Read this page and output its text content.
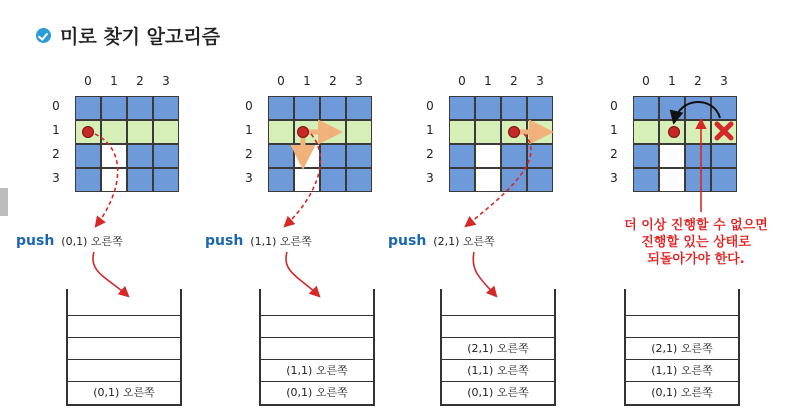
미로 찾기 알고리즘
0	1	2	3
0
1
2
3
push (0,1) 오른쪽
(0,1) 오른쪽
0	1	2	3
0
1
2
3
push (1,1) 오른쪽
(1,1) 오른쪽
(0,1) 오른쪽
0	1	2	3
0
1
2
3
push (2,1) 오른쪽
(2,1) 오른쪽
(1,1) 오른쪽
(0,1) 오른쪽
0	1	2	3
0
1
2
3
(2,1) 오른쪽
(1,1) 오른쪽
(0,1) 오른쪽

더 이상 진행할 수 없으면
진행할 있는 상태로
되돌아가야 한다.
